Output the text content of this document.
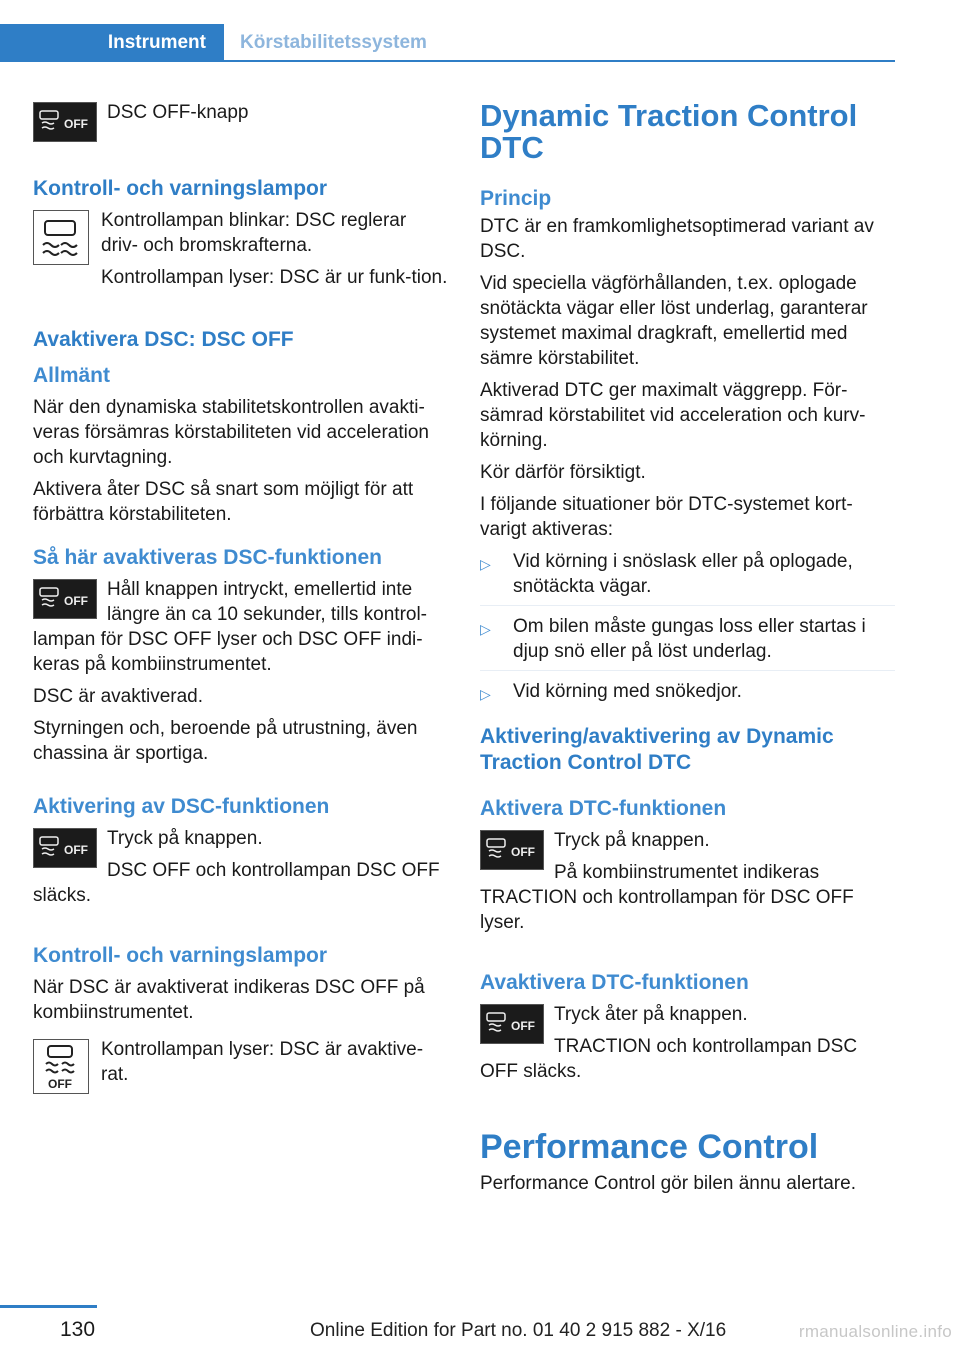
Instrument	Körstabilitetssystem
OFF

DSC OFF-knapp

Kontroll- och varningslampor

Kontrollampan blinkar: DSC reglerar driv- och bromskrafterna.

Kontrollampan lyser: DSC är ur funk-tion.

Avaktivera DSC: DSC OFF
Allmänt

När den dynamiska stabilitetskontrollen avakti-veras försämras körstabiliteten vid acceleration och kurvtagning.

Aktivera åter DSC så snart som möjligt för att förbättra körstabiliteten.

Så här avaktiveras DSC-funktionen
OFF

Håll knappen intryckt, emellertid inte längre än ca 10 sekunder, tills kontrol-lampan för DSC OFF lyser och DSC OFF indi-keras på kombiinstrumentet.

DSC är avaktiverad.

Styrningen och, beroende på utrustning, även chassina är sportiga.

Aktivering av DSC-funktionen
OFF

Tryck på knappen.

DSC OFF och kontrollampan DSC OFF släcks.

Kontroll- och varningslampor

När DSC är avaktiverat indikeras DSC OFF på kombiinstrumentet.

OFF

Kontrollampan lyser: DSC är avaktive-rat.

Dynamic Traction Control DTC
Princip

DTC är en framkomlighetsoptimerad variant av DSC.

Vid speciella vägförhållanden, t.ex. oplogade snötäckta vägar eller löst underlag, garanterar systemet maximal dragkraft, emellertid med sämre körstabilitet.

Aktiverad DTC ger maximalt väggrepp. För-sämrad körstabilitet vid acceleration och kurv-körning.

Kör därför försiktigt.

I följande situationer bör DTC-systemet kort-varigt aktiveras:

▷ Vid körning i snöslask eller på oplogade, snötäckta vägar.
▷ Om bilen måste gungas loss eller startas i djup snö eller på löst underlag.
▷ Vid körning med snökedjor.
Aktivering/avaktivering av Dynamic Traction Control DTC
Aktivera DTC-funktionen
OFF

Tryck på knappen.

På kombiinstrumentet indikeras TRACTION och kontrollampan för DSC OFF lyser.

Avaktivera DTC-funktionen
OFF

Tryck åter på knappen.

TRACTION och kontrollampan DSC OFF släcks.

Performance Control

Performance Control gör bilen ännu alertare.

130	Online Edition for Part no. 01 40 2 915 882 - X/16	rmanualsonline.info
